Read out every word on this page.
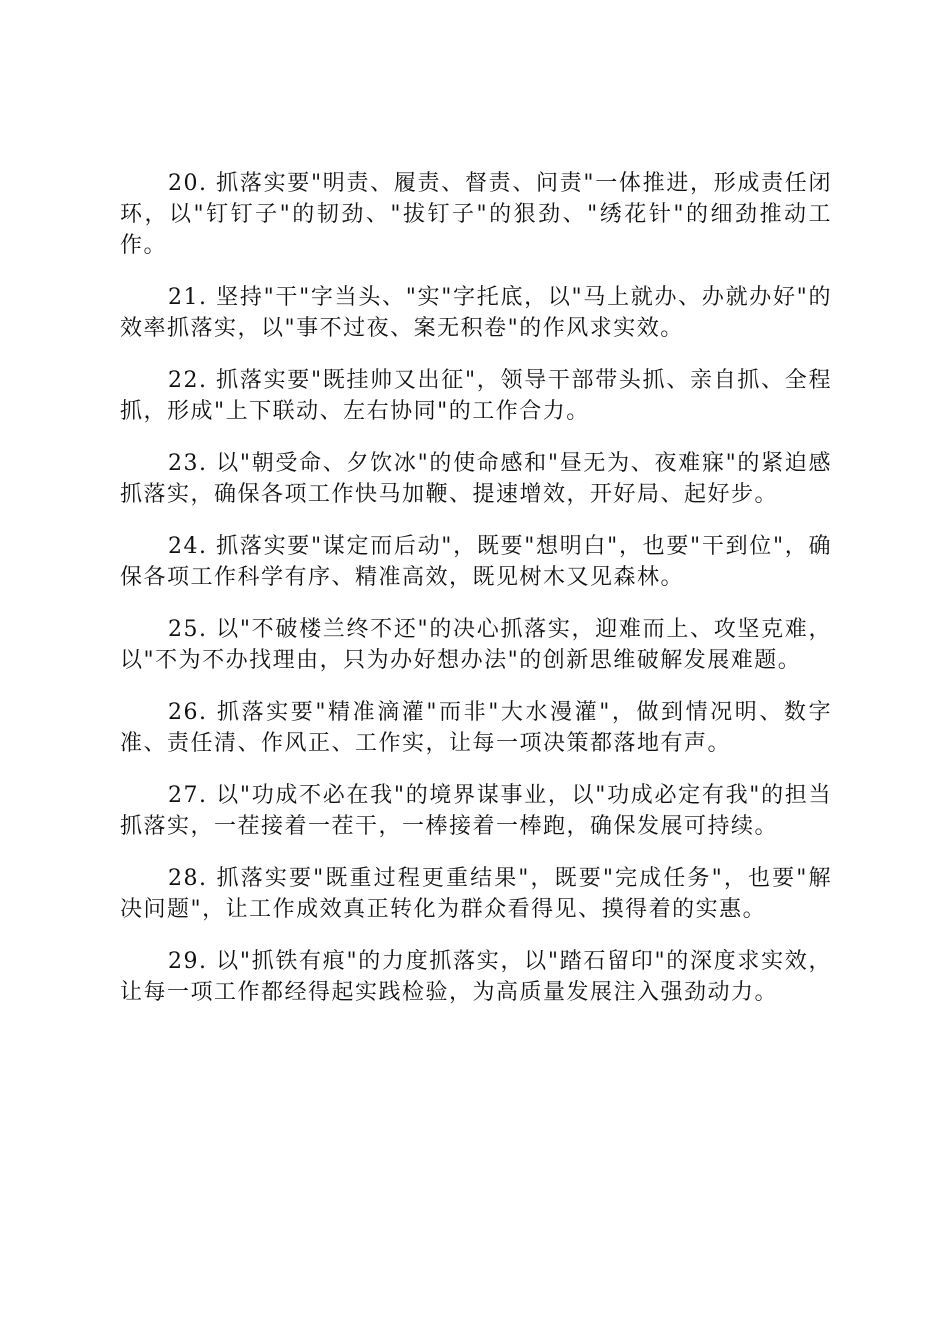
20. 抓落实要"明责、履责、督责、问责"一体推进，形成责任闭环，以"钉钉子"的韧劲、"拔钉子"的狠劲、"绣花针"的细劲推动工作。

21. 坚持"干"字当头、"实"字托底，以"马上就办、办就办好"的效率抓落实，以"事不过夜、案无积卷"的作风求实效。

22. 抓落实要"既挂帅又出征"，领导干部带头抓、亲自抓、全程抓，形成"上下联动、左右协同"的工作合力。

23. 以"朝受命、夕饮冰"的使命感和"昼无为、夜难寐"的紧迫感抓落实，确保各项工作快马加鞭、提速增效，开好局、起好步。

24. 抓落实要"谋定而后动"，既要"想明白"，也要"干到位"，确保各项工作科学有序、精准高效，既见树木又见森林。

25. 以"不破楼兰终不还"的决心抓落实，迎难而上、攻坚克难，以"不为不办找理由，只为办好想办法"的创新思维破解发展难题。

26. 抓落实要"精准滴灌"而非"大水漫灌"，做到情况明、数字准、责任清、作风正、工作实，让每一项决策都落地有声。

27. 以"功成不必在我"的境界谋事业，以"功成必定有我"的担当抓落实，一茬接着一茬干，一棒接着一棒跑，确保发展可持续。

28. 抓落实要"既重过程更重结果"，既要"完成任务"，也要"解决问题"，让工作成效真正转化为群众看得见、摸得着的实惠。

29. 以"抓铁有痕"的力度抓落实，以"踏石留印"的深度求实效，让每一项工作都经得起实践检验，为高质量发展注入强劲动力。
